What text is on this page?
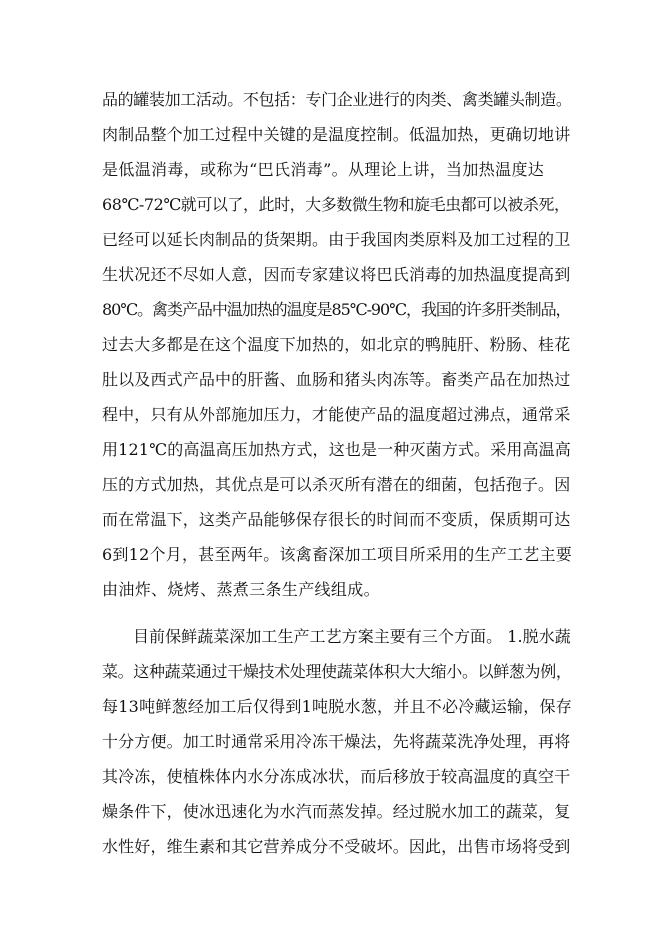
品的罐装加工活动。不包括：专门企业进行的肉类、禽类罐头制造。
肉制品整个加工过程中关键的是温度控制。低温加热，更确切地讲
是低温消毒，或称为“巴氏消毒”。从理论上讲，当加热温度达
68℃-72℃就可以了，此时，大多数微生物和旋毛虫都可以被杀死，
已经可以延长肉制品的货架期。由于我国肉类原料及加工过程的卫
生状况还不尽如人意，因而专家建议将巴氏消毒的加热温度提高到
80℃。禽类产品中温加热的温度是85℃-90℃，我国的许多肝类制品，
过去大多都是在这个温度下加热的，如北京的鸭肫肝、粉肠、桂花
肚以及西式产品中的肝酱、血肠和猪头肉冻等。畜类产品在加热过
程中，只有从外部施加压力，才能使产品的温度超过沸点，通常采
用121℃的高温高压加热方式，这也是一种灭菌方式。采用高温高
压的方式加热，其优点是可以杀灭所有潜在的细菌，包括孢子。因
而在常温下，这类产品能够保存很长的时间而不变质，保质期可达
6到12个月，甚至两年。该禽畜深加工项目所采用的生产工艺主要
由油炸、烧烤、蒸煮三条生产线组成。
目前保鲜蔬菜深加工生产工艺方案主要有三个方面。 1.脱水蔬
菜。这种蔬菜通过干燥技术处理使蔬菜体积大大缩小。以鲜葱为例，
每13吨鲜葱经加工后仅得到1吨脱水葱，并且不必冷藏运输，保存
十分方便。加工时通常采用冷冻干燥法，先将蔬菜洗净处理，再将
其冷冻，使植株体内水分冻成冰状，而后移放于较高温度的真空干
燥条件下，使冰迅速化为水汽而蒸发掉。经过脱水加工的蔬菜，复
水性好，维生素和其它营养成分不受破坏。因此，出售市场将受到
